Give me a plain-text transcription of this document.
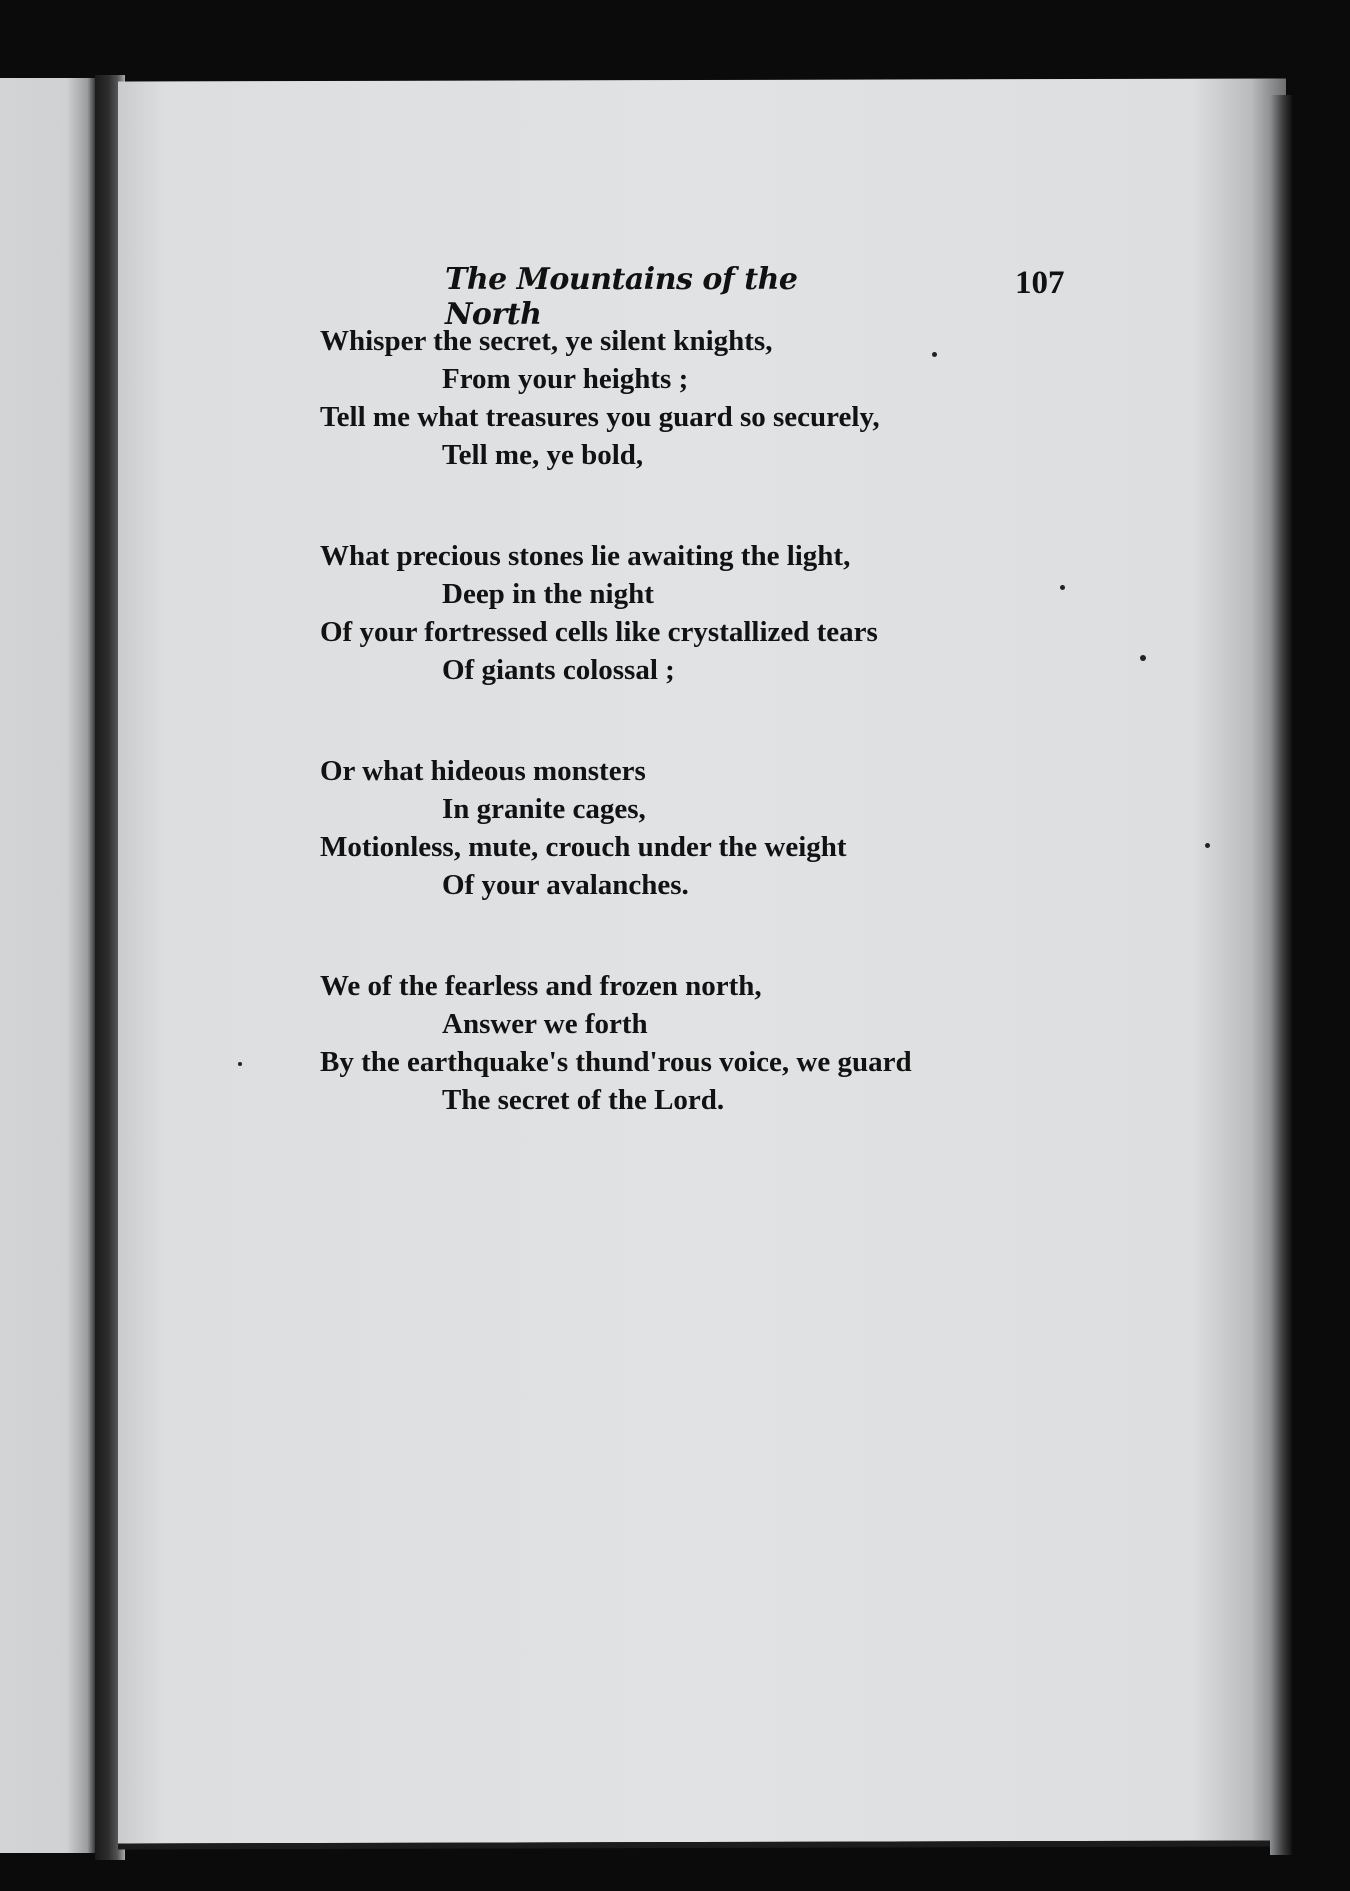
The Mountains of the North
107
Whisper the secret, ye silent knights,
From your heights ;
Tell me what treasures you guard so securely,
Tell me, ye bold,
What precious stones lie awaiting the light,
Deep in the night
Of your fortressed cells like crystallized tears
Of giants colossal ;
Or what hideous monsters
In granite cages,
Motionless, mute, crouch under the weight
Of your avalanches.
We of the fearless and frozen north,
Answer we forth
By the earthquake's thund'rous voice, we guard
The secret of the Lord.
